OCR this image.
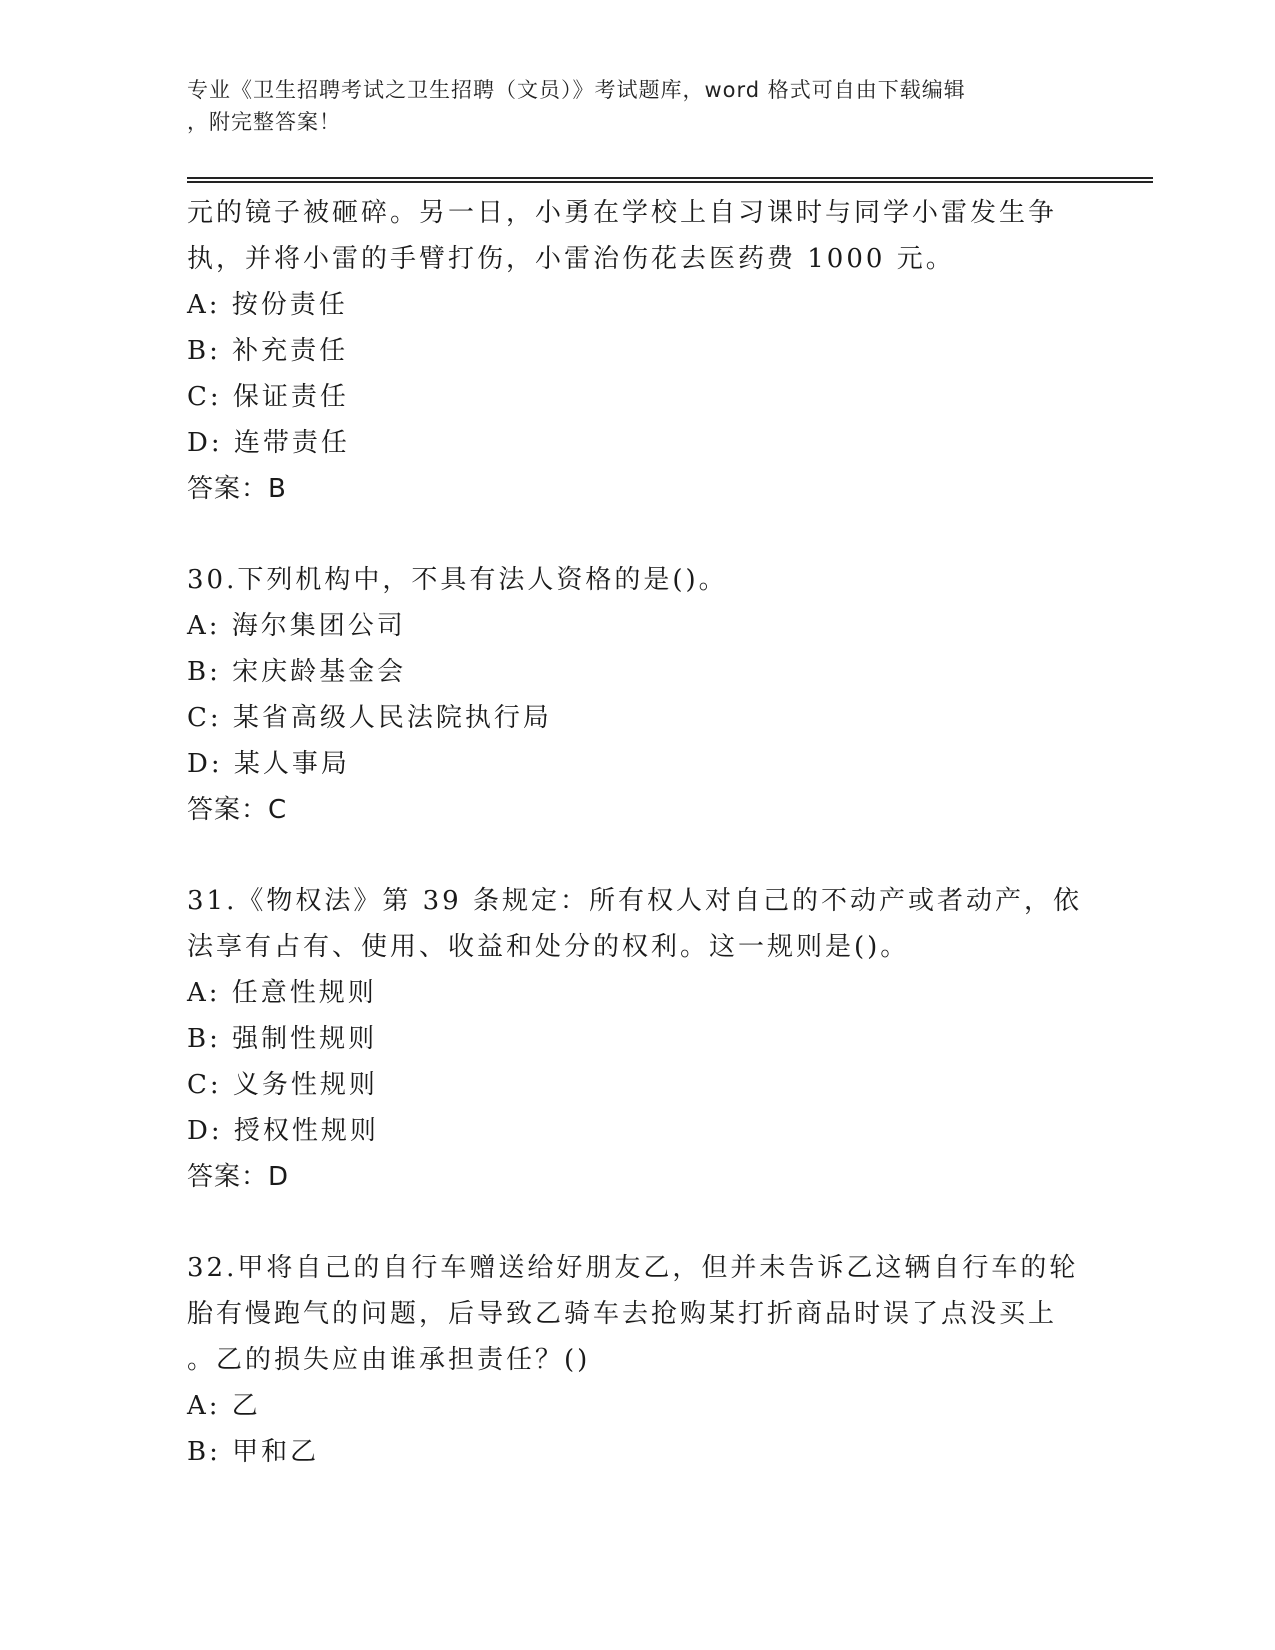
专业《卫生招聘考试之卫生招聘（文员）》考试题库，word 格式可自由下载编辑
，附完整答案！
元的镜子被砸碎。另一日，小勇在学校上自习课时与同学小雷发生争
执，并将小雷的手臂打伤，小雷治伤花去医药费 1000 元。
A: 按份责任
B: 补充责任
C: 保证责任
D: 连带责任
答案：B
30.下列机构中，不具有法人资格的是()。
A: 海尔集团公司
B: 宋庆龄基金会
C: 某省高级人民法院执行局
D: 某人事局
答案：C
31.《物权法》第 39 条规定：所有权人对自己的不动产或者动产，依
法享有占有、使用、收益和处分的权利。这一规则是()。
A: 任意性规则
B: 强制性规则
C: 义务性规则
D: 授权性规则
答案：D
32.甲将自己的自行车赠送给好朋友乙，但并未告诉乙这辆自行车的轮
胎有慢跑气的问题，后导致乙骑车去抢购某打折商品时误了点没买上
。乙的损失应由谁承担责任？()
A: 乙
B: 甲和乙
